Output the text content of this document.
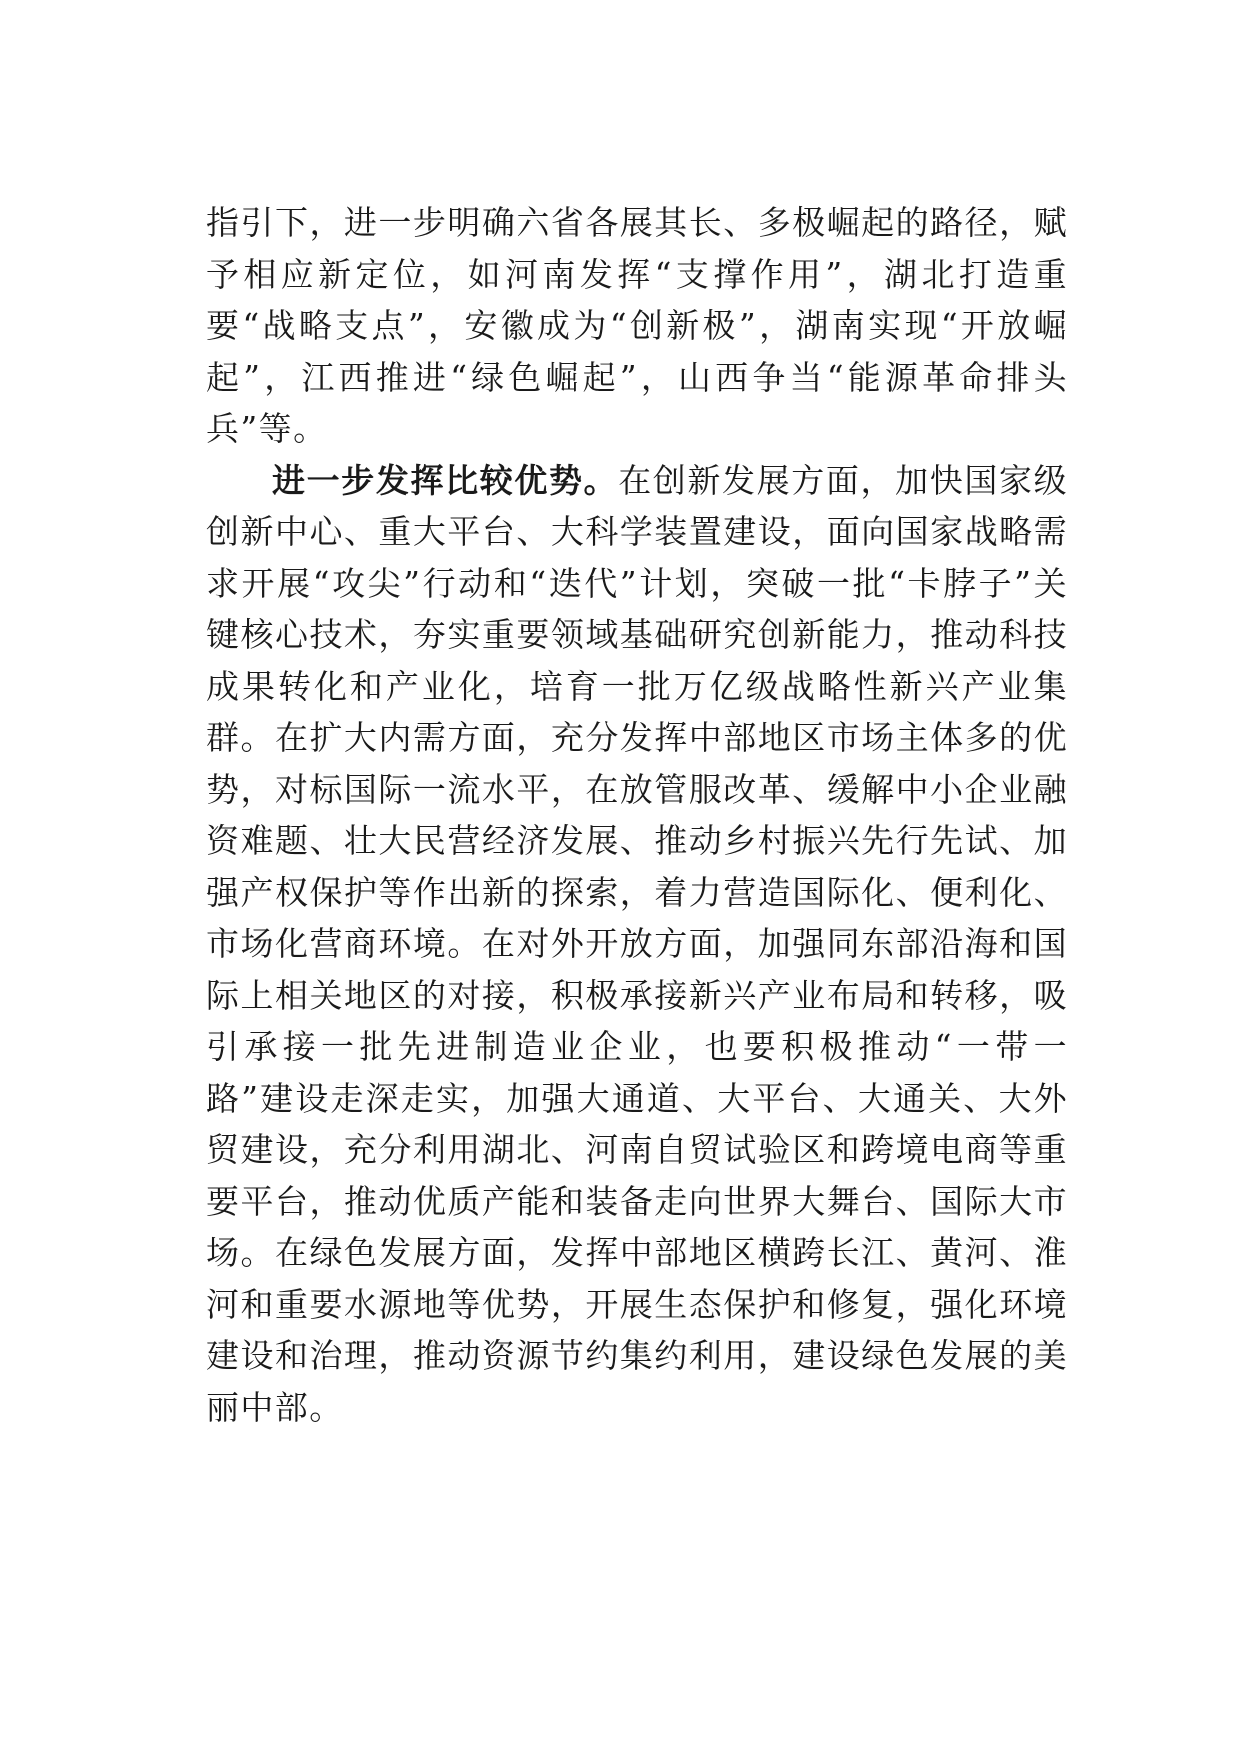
指引下，进一步明确六省各展其长、多极崛起的路径，赋予相应新定位，如河南发挥“支撑作用”，湖北打造重要“战略支点”，安徽成为“创新极”，湖南实现“开放崛起”，江西推进“绿色崛起”，山西争当“能源革命排头兵”等。

进一步发挥比较优势。在创新发展方面，加快国家级创新中心、重大平台、大科学装置建设，面向国家战略需求开展“攻尖”行动和“迭代”计划，突破一批“卡脖子”关键核心技术，夯实重要领域基础研究创新能力，推动科技成果转化和产业化，培育一批万亿级战略性新兴产业集群。在扩大内需方面，充分发挥中部地区市场主体多的优势，对标国际一流水平，在放管服改革、缓解中小企业融资难题、壮大民营经济发展、推动乡村振兴先行先试、加强产权保护等作出新的探索，着力营造国际化、便利化、市场化营商环境。在对外开放方面，加强同东部沿海和国际上相关地区的对接，积极承接新兴产业布局和转移，吸引承接一批先进制造业企业，也要积极推动“一带一路”建设走深走实，加强大通道、大平台、大通关、大外贸建设，充分利用湖北、河南自贸试验区和跨境电商等重要平台，推动优质产能和装备走向世界大舞台、国际大市场。在绿色发展方面，发挥中部地区横跨长江、黄河、淮河和重要水源地等优势，开展生态保护和修复，强化环境建设和治理，推动资源节约集约利用，建设绿色发展的美丽中部。
